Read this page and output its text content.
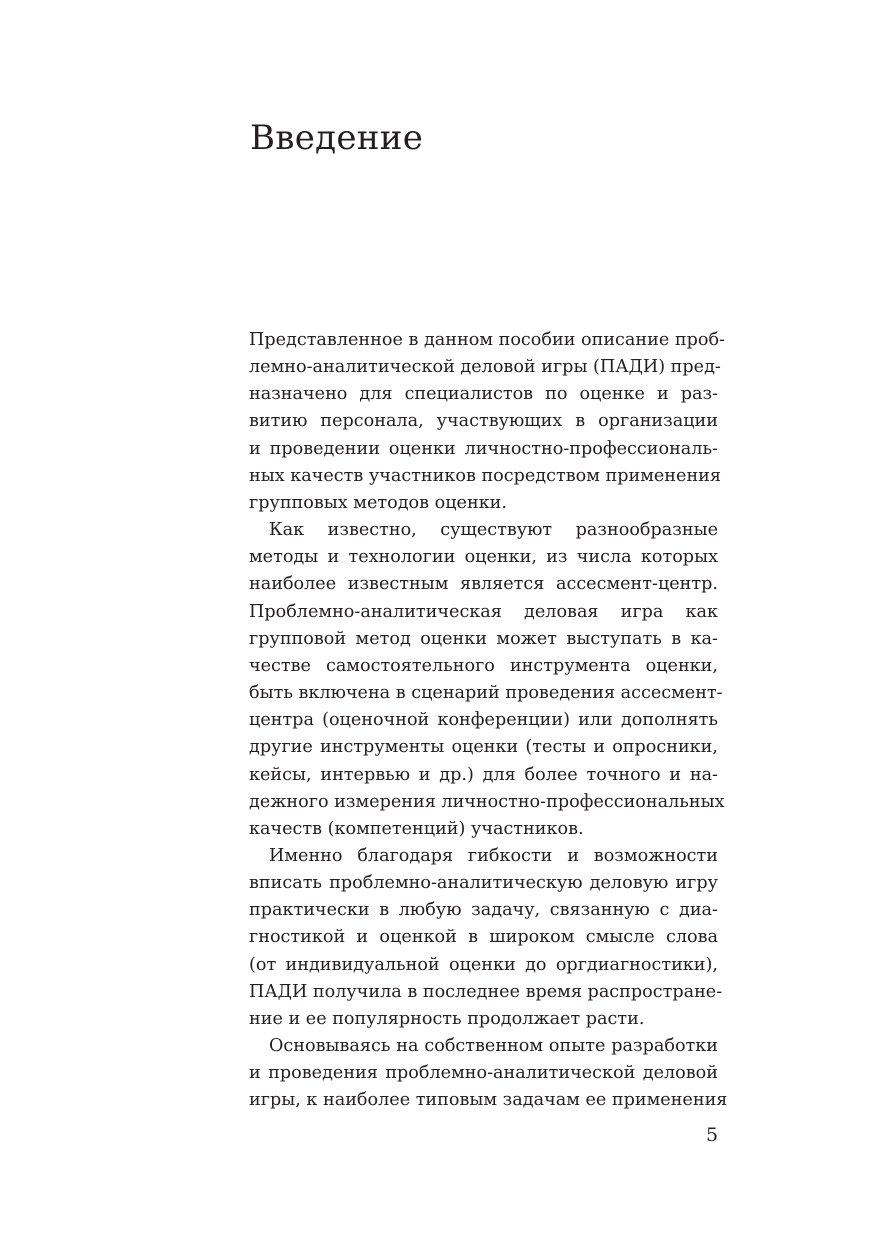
Введение
Представленное в данном пособии описание проб-
лемно-аналитической деловой игры (ПАДИ) пред-
назначено для специалистов по оценке и раз-
витию персонала, участвующих в организации
и проведении оценки личностно-профессиональ-
ных качеств участников посредством применения
групповых методов оценки.
Как известно, существуют разнообразные
методы и технологии оценки, из числа которых
наиболее известным является ассесмент-центр.
Проблемно-аналитическая деловая игра как
групповой метод оценки может выступать в ка-
честве самостоятельного инструмента оценки,
быть включена в сценарий проведения ассесмент-
центра (оценочной конференции) или дополнять
другие инструменты оценки (тесты и опросники,
кейсы, интервью и др.) для более точного и на-
дежного измерения личностно-профессиональных
качеств (компетенций) участников.
Именно благодаря гибкости и возможности
вписать проблемно-аналитическую деловую игру
практически в любую задачу, связанную с диа-
гностикой и оценкой в широком смысле слова
(от индивидуальной оценки до оргдиагностики),
ПАДИ получила в последнее время распростране-
ние и ее популярность продолжает расти.
Основываясь на собственном опыте разработки
и проведения проблемно-аналитической деловой
игры, к наиболее типовым задачам ее применения
5
